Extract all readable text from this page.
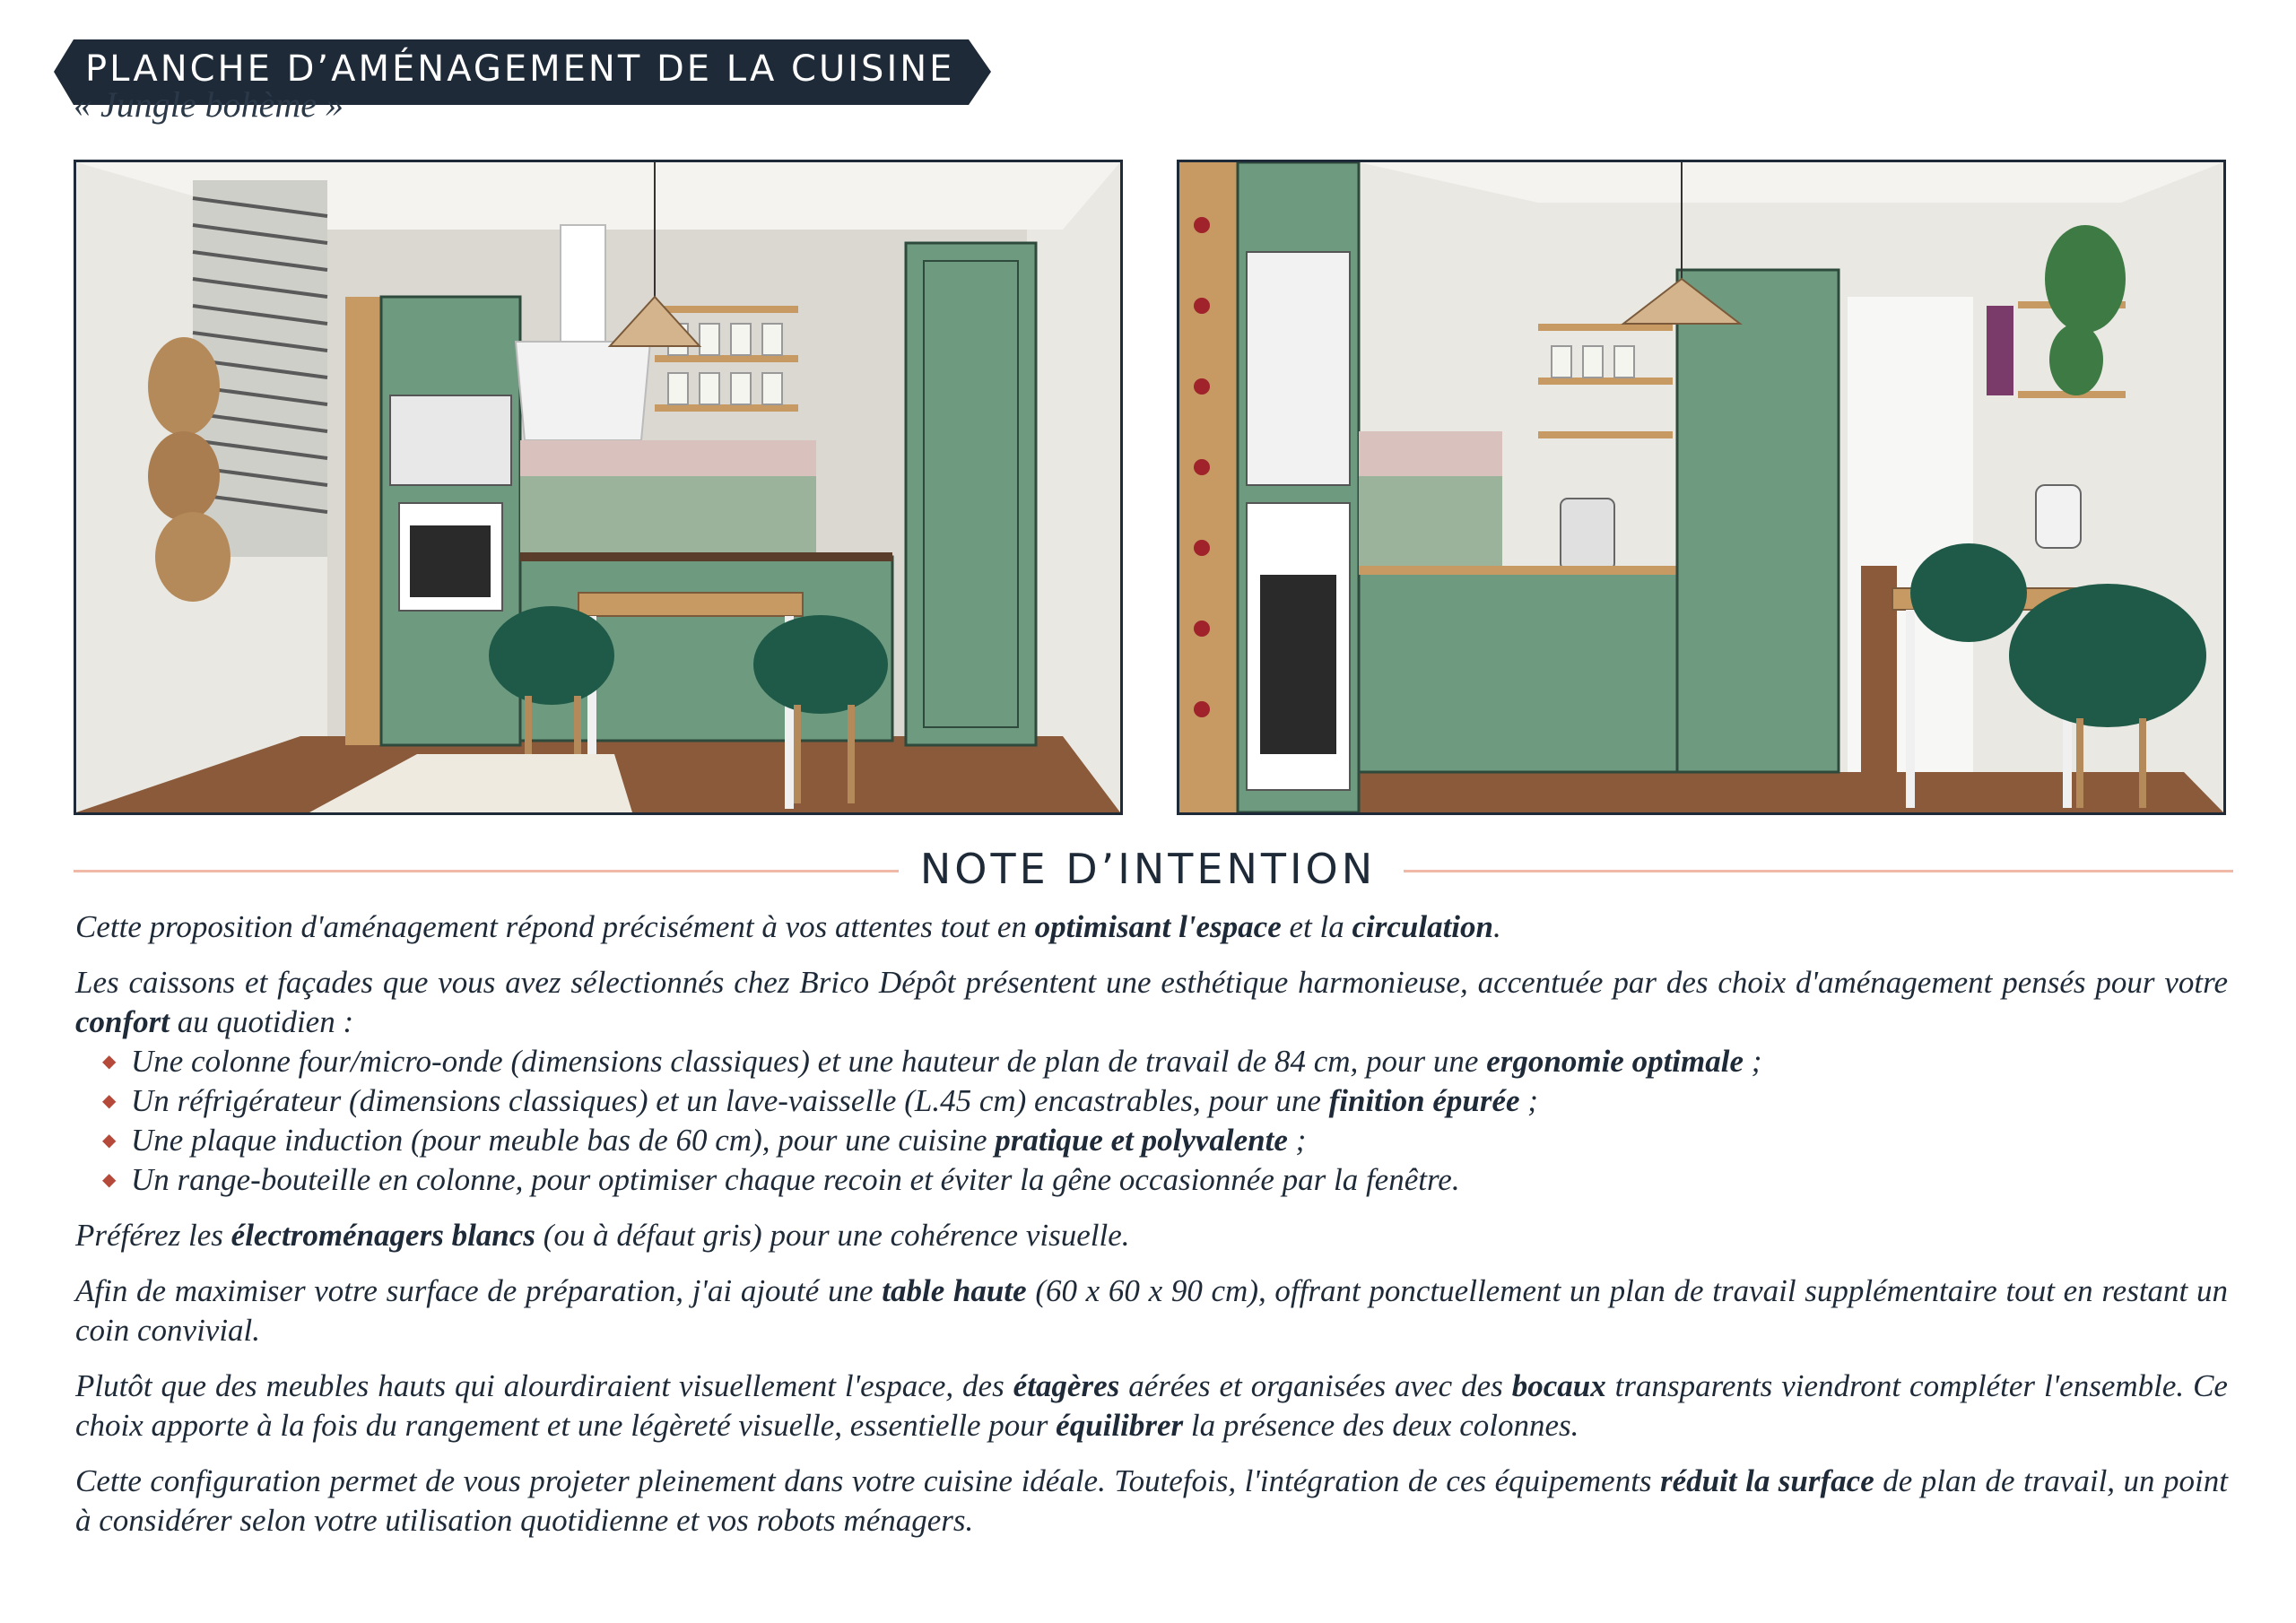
PLANCHE D’AMÉNAGEMENT DE LA CUISINE
« Jungle bohème »
NOTE D’INTENTION

Cette proposition d'aménagement répond précisément à vos attentes tout en optimisant l'espace et la circulation.

Les caissons et façades que vous avez sélectionnés chez Brico Dépôt présentent une esthétique harmonieuse, accentuée par des choix d'aménagement pensés pour votre confort au quotidien :

◆ Une colonne four/micro-onde (dimensions classiques) et une hauteur de plan de travail de 84 cm, pour une ergonomie optimale ;
◆ Un réfrigérateur (dimensions classiques) et un lave-vaisselle (L.45 cm) encastrables, pour une finition épurée ;
◆ Une plaque induction (pour meuble bas de 60 cm), pour une cuisine pratique et polyvalente ;
◆ Un range-bouteille en colonne, pour optimiser chaque recoin et éviter la gêne occasionnée par la fenêtre.

Préférez les électroménagers blancs (ou à défaut gris) pour une cohérence visuelle.

Afin de maximiser votre surface de préparation, j'ai ajouté une table haute (60 x 60 x 90 cm), offrant ponctuellement un plan de travail supplémentaire tout en restant un coin convivial.

Plutôt que des meubles hauts qui alourdiraient visuellement l'espace, des étagères aérées et organisées avec des bocaux transparents viendront compléter l'ensemble. Ce choix apporte à la fois du rangement et une légèreté visuelle, essentielle pour équilibrer la présence des deux colonnes.

Cette configuration permet de vous projeter pleinement dans votre cuisine idéale. Toutefois, l'intégration de ces équipements réduit la surface de plan de travail, un point à considérer selon votre utilisation quotidienne et vos robots ménagers.
